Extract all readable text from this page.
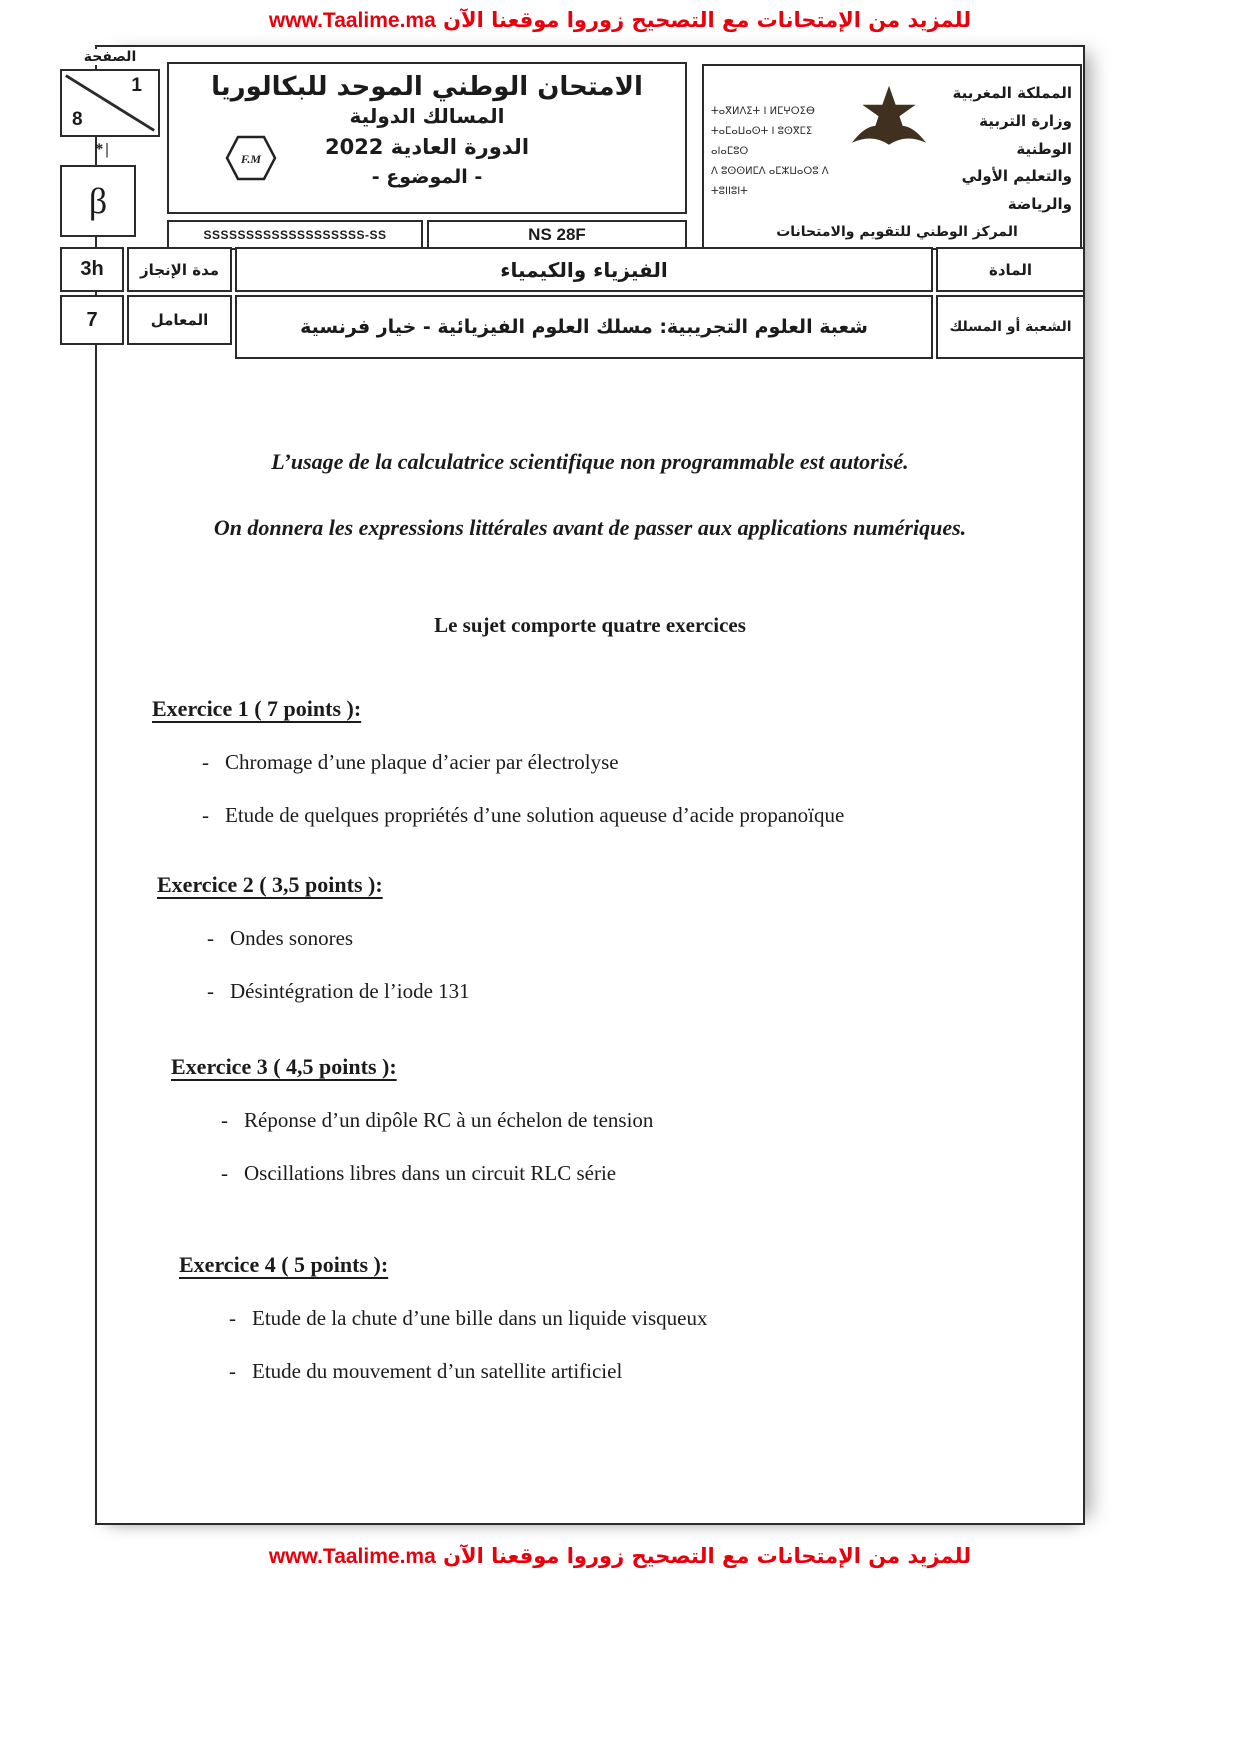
للمزيد من الإمتحانات مع التصحيح زوروا موقعنا الآن www.Taalime.ma
الصفحة
1
8
*|
β
الامتحان الوطني الموحد للبكالوريا
المسالك الدولية
الدورة العادية 2022
- الموضوع -
F.M
SSSSSSSSSSSSSSSSSSS-SS	NS 28F
ⵜⴰⴳⵍⴷⵉⵜ ⵏ ⵍⵎⵖⵔⵉⴱ
ⵜⴰⵎⴰⵡⴰⵙⵜ ⵏ ⵓⵙⴳⵎⵉ ⴰⵏⴰⵎⵓⵔ
ⴷ ⵓⵙⵙⵍⵎⴷ ⴰⵎⵣⵡⴰⵔⵓ ⴷ ⵜⵓⵏⵏⵓⵏⵜ
المملكة المغربية
وزارة التربية الوطنية
والتعليم الأولي والرياضة
المركز الوطني للتقويم والامتحانات
3h	مدة الإنجاز	الفيزياء والكيمياء	المادة
7	المعامل	شعبة العلوم التجريبية: مسلك العلوم الفيزيائية - خيار فرنسية	الشعبة أو المسلك

L’usage de la calculatrice scientifique non programmable est autorisé.

On donnera les expressions littérales avant de passer aux applications numériques.

Le sujet comporte quatre exercices

Exercice 1 ( 7 points ):

- Chromage d’une plaque d’acier par électrolyse

- Etude de quelques propriétés d’une solution aqueuse d’acide propanoïque

Exercice 2 ( 3,5 points ):

- Ondes sonores

- Désintégration de l’iode 131

Exercice 3 ( 4,5 points ):

- Réponse d’un dipôle RC à un échelon de tension

- Oscillations libres dans un circuit RLC série

Exercice 4 ( 5 points ):

- Etude de la chute d’une bille dans un liquide visqueux

- Etude du mouvement d’un satellite artificiel

للمزيد من الإمتحانات مع التصحيح زوروا موقعنا الآن www.Taalime.ma
